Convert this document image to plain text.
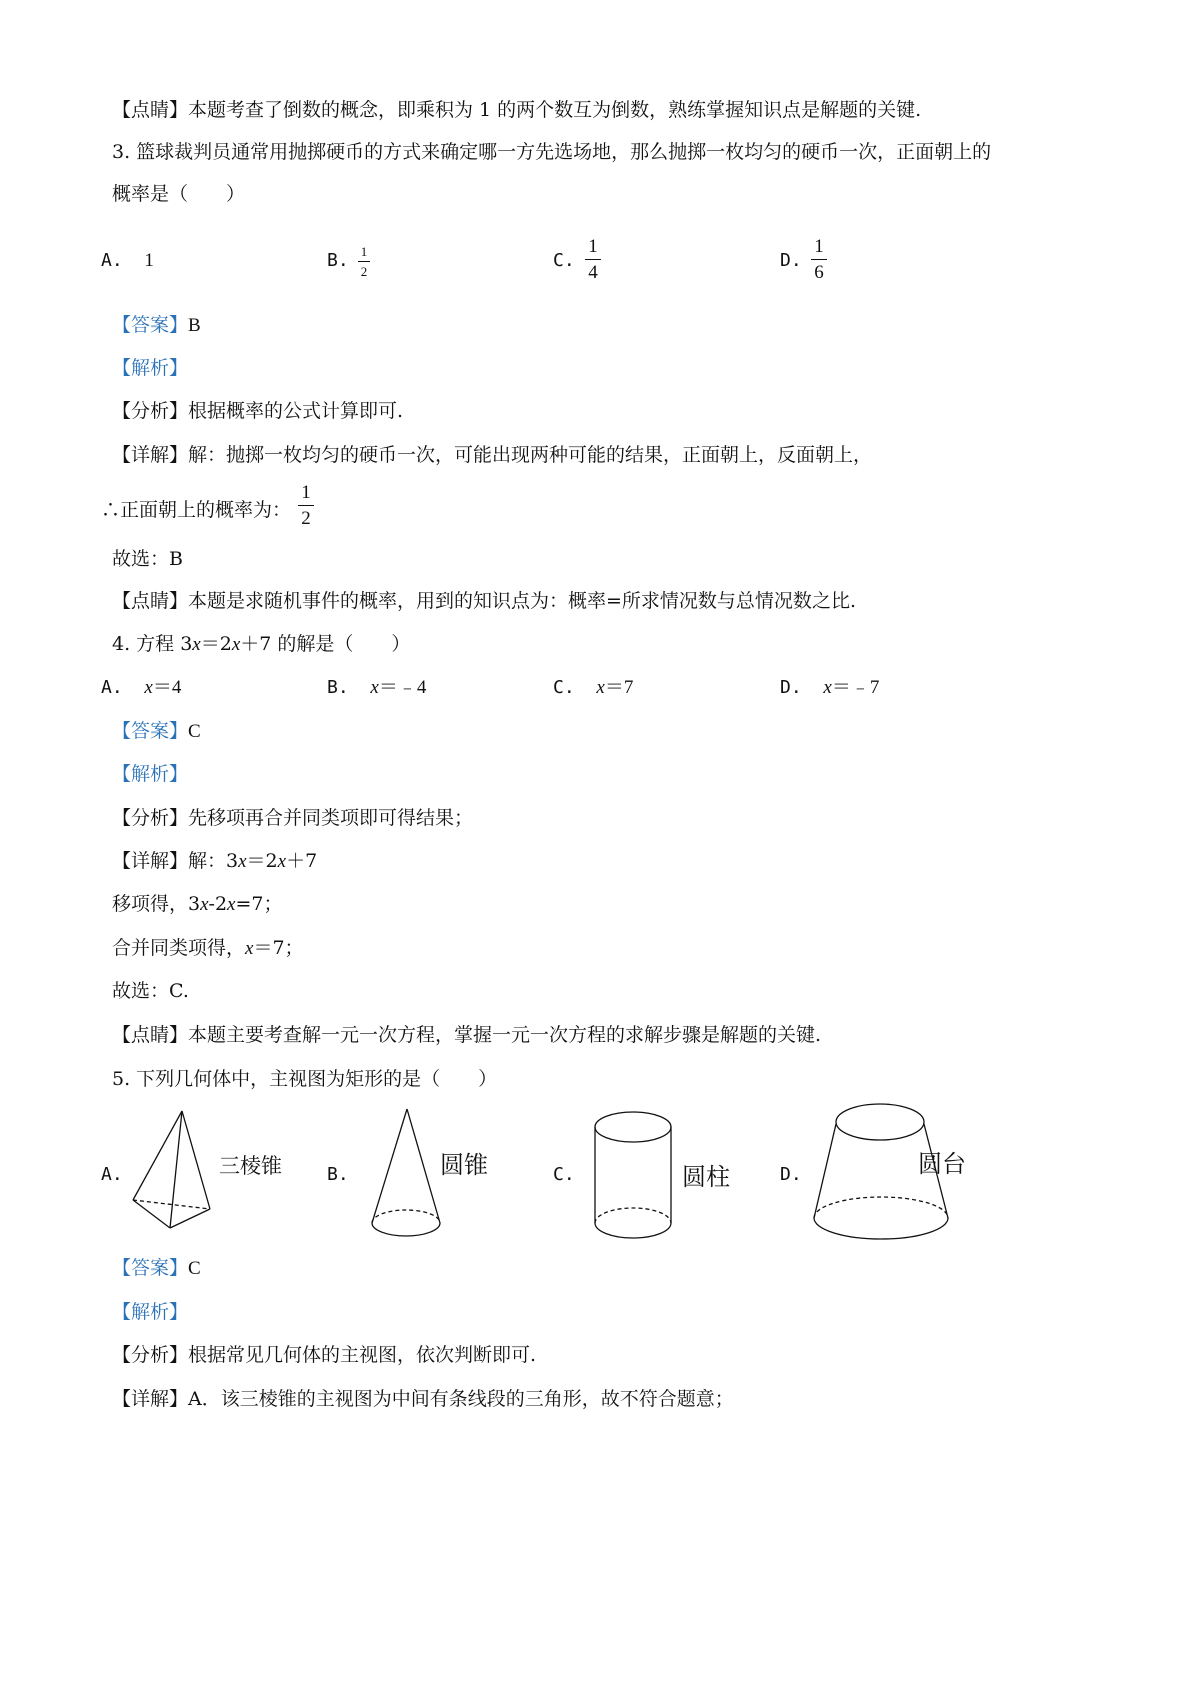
【点睛】本题考查了倒数的概念，即乘积为 1 的两个数互为倒数，熟练掌握知识点是解题的关键.
3. 篮球裁判员通常用抛掷硬币的方式来确定哪一方先选场地，那么抛掷一枚均匀的硬币一次，正面朝上的
概率是（　　）
A. 1	B. 1
2
C.
1
4
D.
1
6
【答案】B
【解析】
【分析】根据概率的公式计算即可.
【详解】解：抛掷一枚均匀的硬币一次，可能出现两种可能的结果，正面朝上，反面朝上，
∴正面朝上的概率为：
1
2
故选：B
【点睛】本题是求随机事件的概率，用到的知识点为：概率=所求情况数与总情况数之比.
4. 方程 3x＝2x＋7 的解是（　　）
A. x＝4	B. x＝﹣4	C. x＝7	D. x＝﹣7
【答案】C
【解析】
【分析】先移项再合并同类项即可得结果；
【详解】解：3x＝2x＋7
移项得，3x-2x=7；
合并同类项得，x＝7；
故选：C.
【点睛】本题主要考查解一元一次方程，掌握一元一次方程的求解步骤是解题的关键.
5. 下列几何体中，主视图为矩形的是（　　）
A.	三棱锥	B.	圆锥	C.	圆柱	D.	圆台
【答案】C
【解析】
【分析】根据常见几何体的主视图，依次判断即可.
【详解】A．该三棱锥的主视图为中间有条线段的三角形，故不符合题意；
